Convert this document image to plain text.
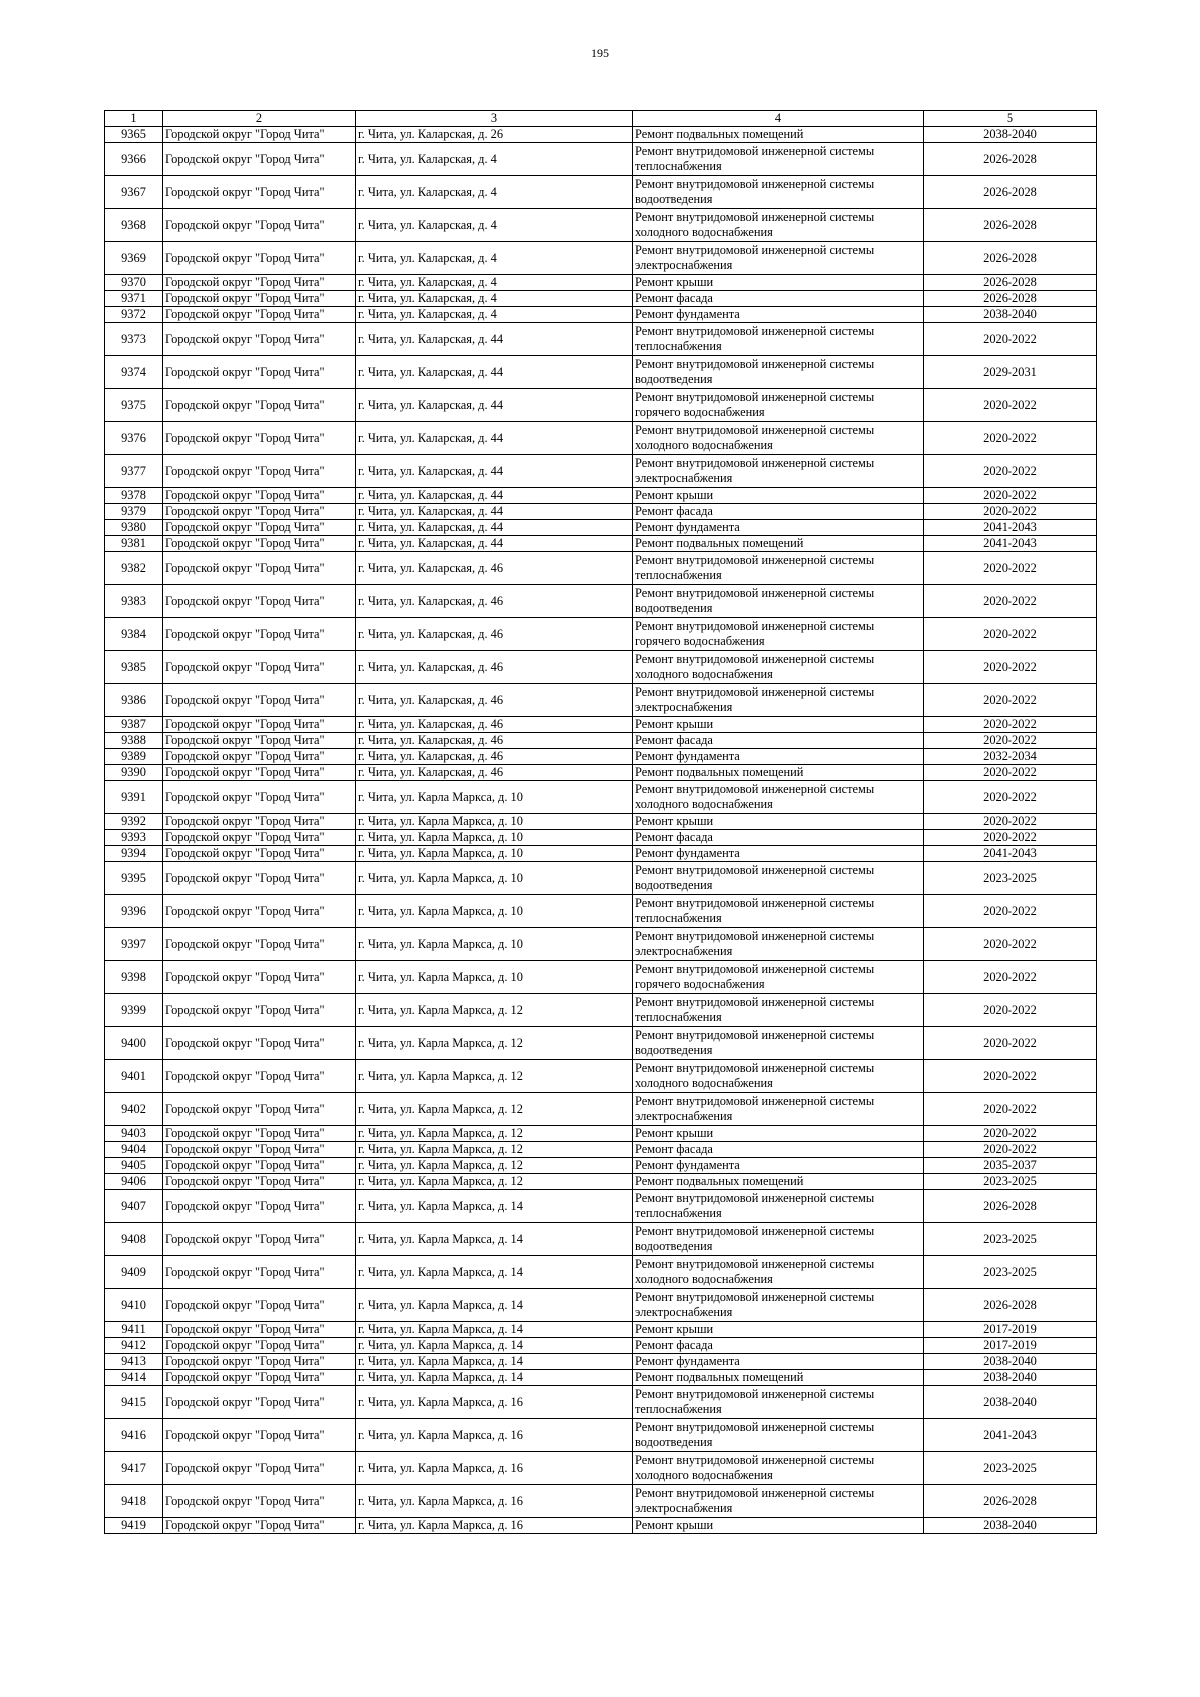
195
1	2	3	4	5
9365	Городской округ "Город Чита"	г. Чита, ул. Каларская, д. 26	Ремонт подвальных помещений	2038-2040
9366	Городской округ "Город Чита"	г. Чита, ул. Каларская, д. 4	Ремонт внутридомовой инженерной системы теплоснабжения	2026-2028
9367	Городской округ "Город Чита"	г. Чита, ул. Каларская, д. 4	Ремонт внутридомовой инженерной системы водоотведения	2026-2028
9368	Городской округ "Город Чита"	г. Чита, ул. Каларская, д. 4	Ремонт внутридомовой инженерной системы холодного водоснабжения	2026-2028
9369	Городской округ "Город Чита"	г. Чита, ул. Каларская, д. 4	Ремонт внутридомовой инженерной системы электроснабжения	2026-2028
9370	Городской округ "Город Чита"	г. Чита, ул. Каларская, д. 4	Ремонт крыши	2026-2028
9371	Городской округ "Город Чита"	г. Чита, ул. Каларская, д. 4	Ремонт фасада	2026-2028
9372	Городской округ "Город Чита"	г. Чита, ул. Каларская, д. 4	Ремонт фундамента	2038-2040
9373	Городской округ "Город Чита"	г. Чита, ул. Каларская, д. 44	Ремонт внутридомовой инженерной системы теплоснабжения	2020-2022
9374	Городской округ "Город Чита"	г. Чита, ул. Каларская, д. 44	Ремонт внутридомовой инженерной системы водоотведения	2029-2031
9375	Городской округ "Город Чита"	г. Чита, ул. Каларская, д. 44	Ремонт внутридомовой инженерной системы горячего водоснабжения	2020-2022
9376	Городской округ "Город Чита"	г. Чита, ул. Каларская, д. 44	Ремонт внутридомовой инженерной системы холодного водоснабжения	2020-2022
9377	Городской округ "Город Чита"	г. Чита, ул. Каларская, д. 44	Ремонт внутридомовой инженерной системы электроснабжения	2020-2022
9378	Городской округ "Город Чита"	г. Чита, ул. Каларская, д. 44	Ремонт крыши	2020-2022
9379	Городской округ "Город Чита"	г. Чита, ул. Каларская, д. 44	Ремонт фасада	2020-2022
9380	Городской округ "Город Чита"	г. Чита, ул. Каларская, д. 44	Ремонт фундамента	2041-2043
9381	Городской округ "Город Чита"	г. Чита, ул. Каларская, д. 44	Ремонт подвальных помещений	2041-2043
9382	Городской округ "Город Чита"	г. Чита, ул. Каларская, д. 46	Ремонт внутридомовой инженерной системы теплоснабжения	2020-2022
9383	Городской округ "Город Чита"	г. Чита, ул. Каларская, д. 46	Ремонт внутридомовой инженерной системы водоотведения	2020-2022
9384	Городской округ "Город Чита"	г. Чита, ул. Каларская, д. 46	Ремонт внутридомовой инженерной системы горячего водоснабжения	2020-2022
9385	Городской округ "Город Чита"	г. Чита, ул. Каларская, д. 46	Ремонт внутридомовой инженерной системы холодного водоснабжения	2020-2022
9386	Городской округ "Город Чита"	г. Чита, ул. Каларская, д. 46	Ремонт внутридомовой инженерной системы электроснабжения	2020-2022
9387	Городской округ "Город Чита"	г. Чита, ул. Каларская, д. 46	Ремонт крыши	2020-2022
9388	Городской округ "Город Чита"	г. Чита, ул. Каларская, д. 46	Ремонт фасада	2020-2022
9389	Городской округ "Город Чита"	г. Чита, ул. Каларская, д. 46	Ремонт фундамента	2032-2034
9390	Городской округ "Город Чита"	г. Чита, ул. Каларская, д. 46	Ремонт подвальных помещений	2020-2022
9391	Городской округ "Город Чита"	г. Чита, ул. Карла Маркса, д. 10	Ремонт внутридомовой инженерной системы холодного водоснабжения	2020-2022
9392	Городской округ "Город Чита"	г. Чита, ул. Карла Маркса, д. 10	Ремонт крыши	2020-2022
9393	Городской округ "Город Чита"	г. Чита, ул. Карла Маркса, д. 10	Ремонт фасада	2020-2022
9394	Городской округ "Город Чита"	г. Чита, ул. Карла Маркса, д. 10	Ремонт фундамента	2041-2043
9395	Городской округ "Город Чита"	г. Чита, ул. Карла Маркса, д. 10	Ремонт внутридомовой инженерной системы водоотведения	2023-2025
9396	Городской округ "Город Чита"	г. Чита, ул. Карла Маркса, д. 10	Ремонт внутридомовой инженерной системы теплоснабжения	2020-2022
9397	Городской округ "Город Чита"	г. Чита, ул. Карла Маркса, д. 10	Ремонт внутридомовой инженерной системы электроснабжения	2020-2022
9398	Городской округ "Город Чита"	г. Чита, ул. Карла Маркса, д. 10	Ремонт внутридомовой инженерной системы горячего водоснабжения	2020-2022
9399	Городской округ "Город Чита"	г. Чита, ул. Карла Маркса, д. 12	Ремонт внутридомовой инженерной системы теплоснабжения	2020-2022
9400	Городской округ "Город Чита"	г. Чита, ул. Карла Маркса, д. 12	Ремонт внутридомовой инженерной системы водоотведения	2020-2022
9401	Городской округ "Город Чита"	г. Чита, ул. Карла Маркса, д. 12	Ремонт внутридомовой инженерной системы холодного водоснабжения	2020-2022
9402	Городской округ "Город Чита"	г. Чита, ул. Карла Маркса, д. 12	Ремонт внутридомовой инженерной системы электроснабжения	2020-2022
9403	Городской округ "Город Чита"	г. Чита, ул. Карла Маркса, д. 12	Ремонт крыши	2020-2022
9404	Городской округ "Город Чита"	г. Чита, ул. Карла Маркса, д. 12	Ремонт фасада	2020-2022
9405	Городской округ "Город Чита"	г. Чита, ул. Карла Маркса, д. 12	Ремонт фундамента	2035-2037
9406	Городской округ "Город Чита"	г. Чита, ул. Карла Маркса, д. 12	Ремонт подвальных помещений	2023-2025
9407	Городской округ "Город Чита"	г. Чита, ул. Карла Маркса, д. 14	Ремонт внутридомовой инженерной системы теплоснабжения	2026-2028
9408	Городской округ "Город Чита"	г. Чита, ул. Карла Маркса, д. 14	Ремонт внутридомовой инженерной системы водоотведения	2023-2025
9409	Городской округ "Город Чита"	г. Чита, ул. Карла Маркса, д. 14	Ремонт внутридомовой инженерной системы холодного водоснабжения	2023-2025
9410	Городской округ "Город Чита"	г. Чита, ул. Карла Маркса, д. 14	Ремонт внутридомовой инженерной системы электроснабжения	2026-2028
9411	Городской округ "Город Чита"	г. Чита, ул. Карла Маркса, д. 14	Ремонт крыши	2017-2019
9412	Городской округ "Город Чита"	г. Чита, ул. Карла Маркса, д. 14	Ремонт фасада	2017-2019
9413	Городской округ "Город Чита"	г. Чита, ул. Карла Маркса, д. 14	Ремонт фундамента	2038-2040
9414	Городской округ "Город Чита"	г. Чита, ул. Карла Маркса, д. 14	Ремонт подвальных помещений	2038-2040
9415	Городской округ "Город Чита"	г. Чита, ул. Карла Маркса, д. 16	Ремонт внутридомовой инженерной системы теплоснабжения	2038-2040
9416	Городской округ "Город Чита"	г. Чита, ул. Карла Маркса, д. 16	Ремонт внутридомовой инженерной системы водоотведения	2041-2043
9417	Городской округ "Город Чита"	г. Чита, ул. Карла Маркса, д. 16	Ремонт внутридомовой инженерной системы холодного водоснабжения	2023-2025
9418	Городской округ "Город Чита"	г. Чита, ул. Карла Маркса, д. 16	Ремонт внутридомовой инженерной системы электроснабжения	2026-2028
9419	Городской округ "Город Чита"	г. Чита, ул. Карла Маркса, д. 16	Ремонт крыши	2038-2040
